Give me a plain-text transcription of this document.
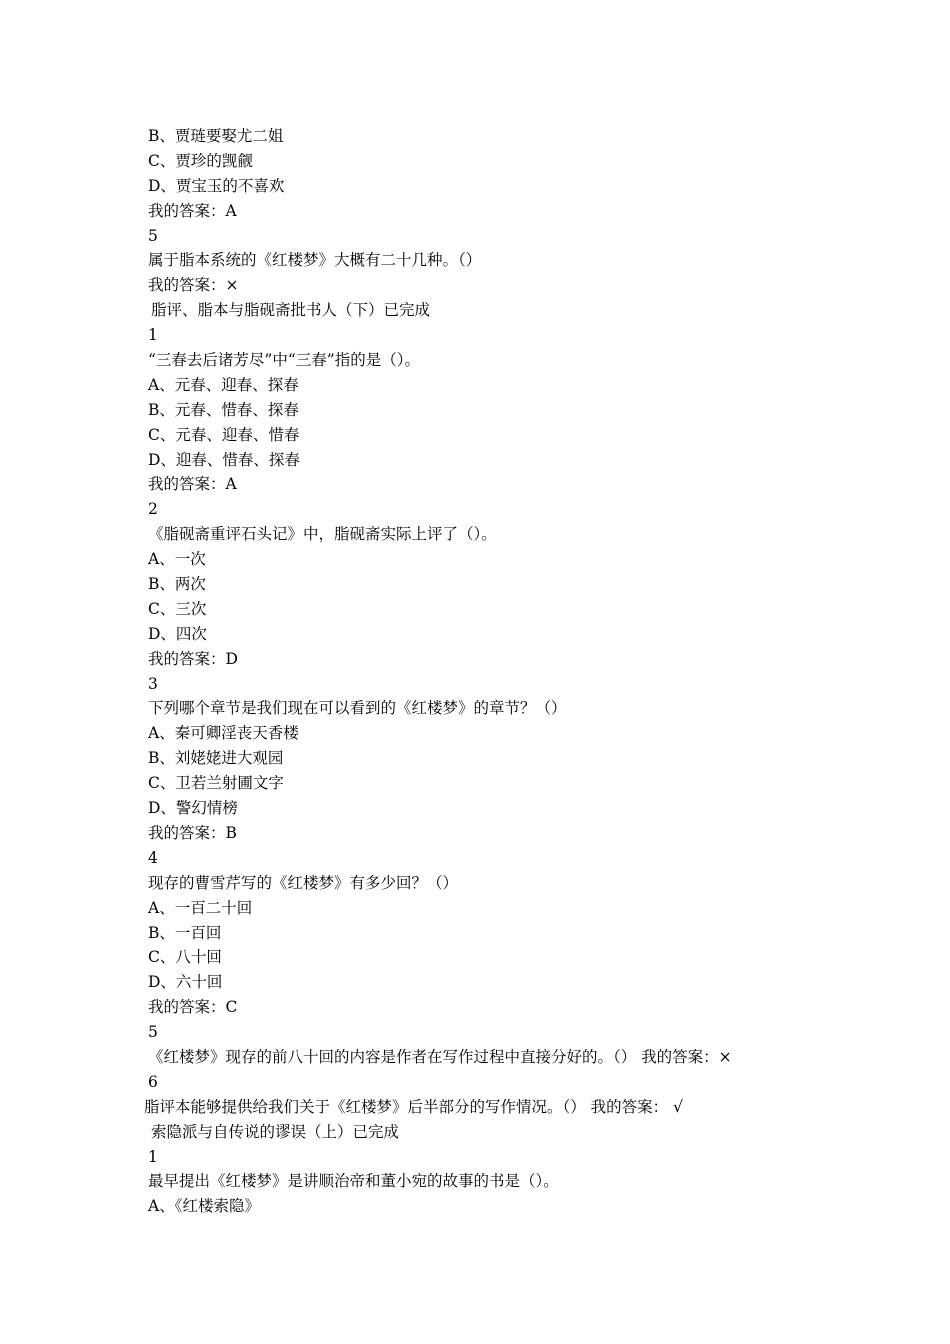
B、贾琏要娶尤二姐
C、贾珍的觊觎
D、贾宝玉的不喜欢
我的答案：A
5
属于脂本系统的《红楼梦》大概有二十几种。（）
我的答案：×
脂评、脂本与脂砚斋批书人（下）已完成
1
“三春去后诸芳尽”中“三春”指的是（）。
A、元春、迎春、探春
B、元春、惜春、探春
C、元春、迎春、惜春
D、迎春、惜春、探春
我的答案：A
2
《脂砚斋重评石头记》中，脂砚斋实际上评了（）。
A、一次
B、两次
C、三次
D、四次
我的答案：D
3
下列哪个章节是我们现在可以看到的《红楼梦》的章节？（）
A、秦可卿淫丧天香楼
B、刘姥姥进大观园
C、卫若兰射圃文字
D、警幻情榜
我的答案：B
4
现存的曹雪芹写的《红楼梦》有多少回？（）
A、一百二十回
B、一百回
C、八十回
D、六十回
我的答案：C
5
《红楼梦》现存的前八十回的内容是作者在写作过程中直接分好的。（） 我的答案：×
6
脂评本能够提供给我们关于《红楼梦》后半部分的写作情况。（） 我的答案： √
索隐派与自传说的谬误（上）已完成
1
最早提出《红楼梦》是讲顺治帝和董小宛的故事的书是（）。
A、《红楼索隐》
